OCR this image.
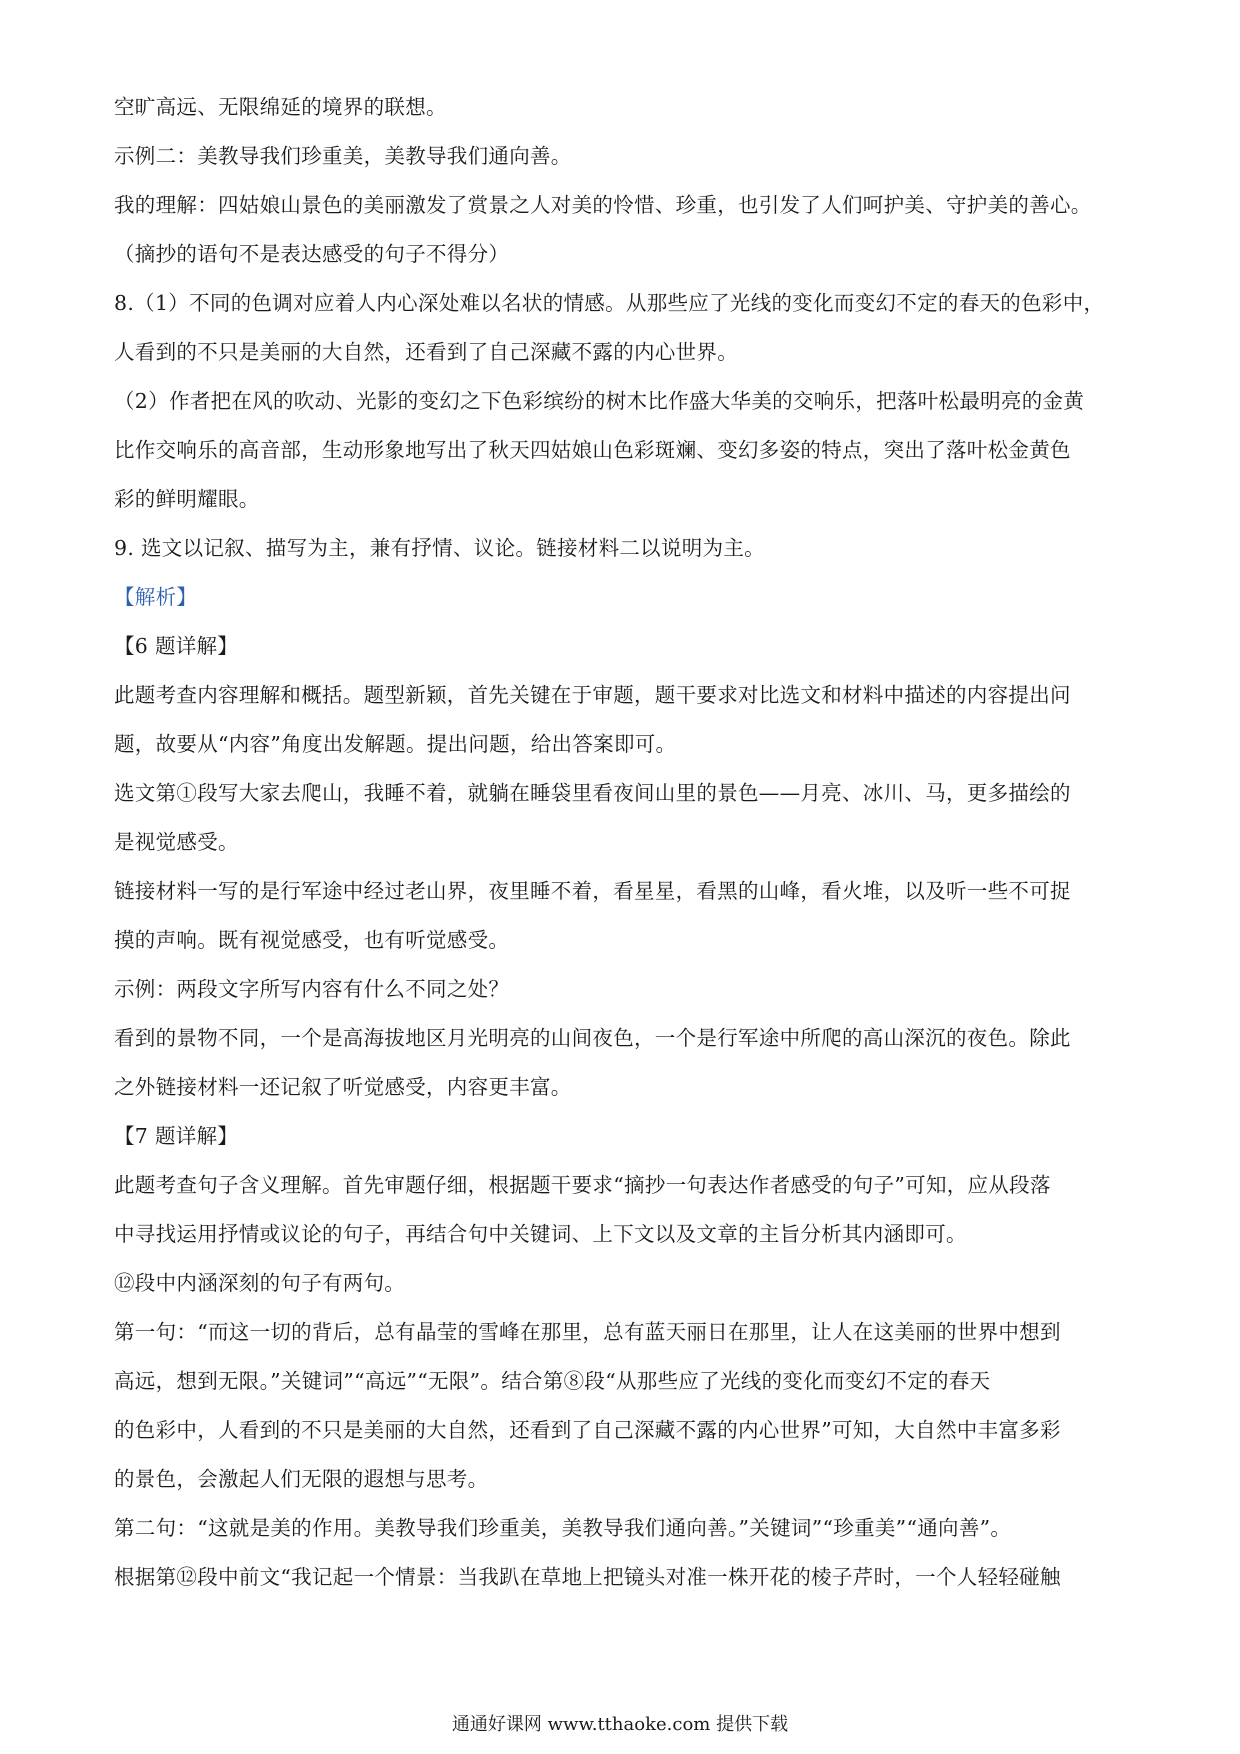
空旷高远、无限绵延的境界的联想。
示例二：美教导我们珍重美，美教导我们通向善。
我的理解：四姑娘山景色的美丽激发了赏景之人对美的怜惜、珍重，也引发了人们呵护美、守护美的善心。
（摘抄的语句不是表达感受的句子不得分）
8.（1）不同的色调对应着人内心深处难以名状的情感。从那些应了光线的变化而变幻不定的春天的色彩中，
人看到的不只是美丽的大自然，还看到了自己深藏不露的内心世界。
（2）作者把在风的吹动、光影的变幻之下色彩缤纷的树木比作盛大华美的交响乐，把落叶松最明亮的金黄
比作交响乐的高音部，生动形象地写出了秋天四姑娘山色彩斑斓、变幻多姿的特点，突出了落叶松金黄色
彩的鲜明耀眼。
9. 选文以记叙、描写为主，兼有抒情、议论。链接材料二以说明为主。
【解析】
【6 题详解】
此题考查内容理解和概括。题型新颖，首先关键在于审题，题干要求对比选文和材料中描述的内容提出问
题，故要从“内容”角度出发解题。提出问题，给出答案即可。
选文第①段写大家去爬山，我睡不着，就躺在睡袋里看夜间山里的景色——月亮、冰川、马，更多描绘的
是视觉感受。
链接材料一写的是行军途中经过老山界，夜里睡不着，看星星，看黑的山峰，看火堆，以及听一些不可捉
摸的声响。既有视觉感受，也有听觉感受。
示例：两段文字所写内容有什么不同之处？
看到的景物不同，一个是高海拔地区月光明亮的山间夜色，一个是行军途中所爬的高山深沉的夜色。除此
之外链接材料一还记叙了听觉感受，内容更丰富。
【7 题详解】
此题考查句子含义理解。首先审题仔细，根据题干要求“摘抄一句表达作者感受的句子”可知，应从段落
中寻找运用抒情或议论的句子，再结合句中关键词、上下文以及文章的主旨分析其内涵即可。
⑫段中内涵深刻的句子有两句。
第一句：“而这一切的背后，总有晶莹的雪峰在那里，总有蓝天丽日在那里，让人在这美丽的世界中想到
高远，想到无限。”关键词”“高远”“无限”。结合第⑧段“从那些应了光线的变化而变幻不定的春天
的色彩中，人看到的不只是美丽的大自然，还看到了自己深藏不露的内心世界”可知，大自然中丰富多彩
的景色，会激起人们无限的遐想与思考。
第二句：“这就是美的作用。美教导我们珍重美，美教导我们通向善。”关键词”“珍重美”“通向善”。
根据第⑫段中前文“我记起一个情景：当我趴在草地上把镜头对准一株开花的棱子芹时，一个人轻轻碰触
通通好课网 www.tthaoke.com 提供下载
